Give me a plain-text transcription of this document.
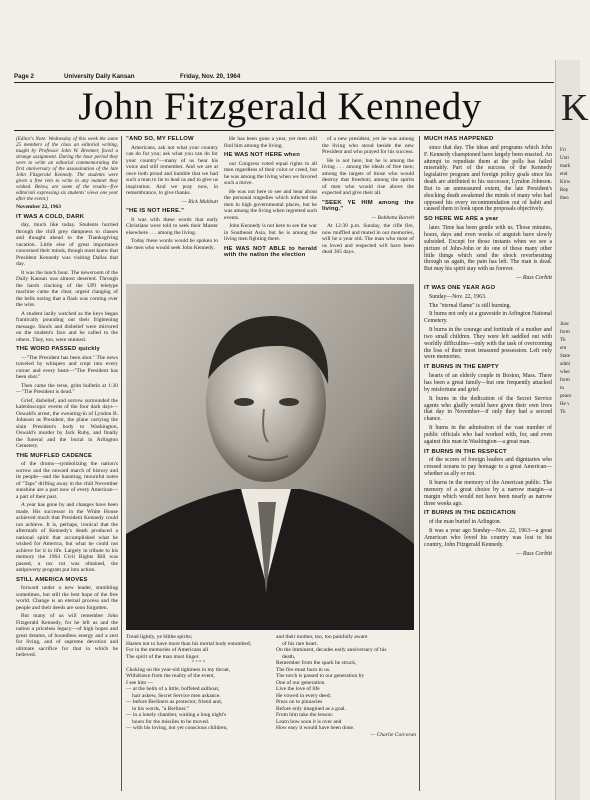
Page 2	University Daily Kansan	Friday, Nov. 20, 1964
John Fitzgerald Kennedy

(Editor's Note: Wednesday of this week the same 25 members of the class an editorial writing, taught by Professor John W. Bremner, faced a strange assignment. During the hour period they were to write an editorial commemorating the first anniversary of the assassination of the late John Fitzgerald Kennedy. The students were given a free rein to write in any manner they wished. Below, are some of the results—five editorials expressing six students' views one year after the event.)

November 22, 1963

IT WAS A COLD, DARK

day, much like today. Students hurried through the chill grey dampness to classes and thought ahead to the Thanksgiving vacation. Little else of great importance concerned their minds, though most knew that President Kennedy was visiting Dallas that day.

It was the lunch hour. The newsroom of the Daily Kansan was almost deserted. Through the harsh clacking of the UPI teletype machine came the clear, urgent clanging of the bells noting that a flash was coming over the wire.

A student lazily watched as the keys began frantically pounding out their frightening message. Shock and disbelief were mirrored on the student's face and he called to the others. They, too, were stunned.

THE WORD PASSED quickly

—"The President has been shot." The news traveled by whispers and crept into every corner and every heart—"The President has been shot."

Then came the terse, grim bulletin at 1:30—"The President is dead."

Grief, disbelief, and sorrow surrounded the kaleidoscopic events of the four dark days—Oswald's arrest, the swearing-in of Lyndon B. Johnson as President, the plane carrying the slain President's body to Washington, Oswald's murder by Jack Ruby, and finally the funeral and the burial in Arlington Cemetery.

THE MUFFLED CADENCE

of the drums—symbolizing the nation's sorrow and the onward march of history and its people—and the haunting, mournful notes of "Taps" drifting away in the chill November sunshine are a part now of every American—a part of their past.

A year has gone by and changes have been made. His successor in the White House achieved much that President Kennedy could not achieve. It is, perhaps, ironical that the aftermath of Kennedy's death produced a national spirit that accomplished what he wished for America, but what he could not achieve for it in life. Largely in tribute to his memory the 1964 Civil Rights Bill was passed, a tax cut was obtained, the antipoverty program put into action.

STILL AMERICA MOVES

forward under a new leader, stumbling sometimes, but still the best hope of the free world. Change is an eternal process and the people and their deeds are soon forgotten.

But many of us will remember John Fitzgerald Kennedy, for he left us and the nation a priceless legacy—of high hopes and great dreams, of boundless energy and a zest for living, and of supreme devotion and ultimate sacrifice for that in which he believed.

"AND SO, MY FELLOW

Americans, ask not what your country can do for you; ask what you can do for your country"—many of us hear his voice and still remember. And we are at once both proud and humble that we had such a man to lie to lead us and to give us inspiration. And we pray now, in remembrance, to give thanks.

— Rick Mabbutt

"HE IS NOT HERE."

It was with these words that early Christians were told to seek their Master elsewhere . . . among the living.

Today these words would be spoken to the men who would seek John Kennedy.

He has been gone a year, yet men still find him among the living.

HE WAS NOT HERE when

our Congress voted equal rights to all men regardless of their color or creed, but he was among the living when we favored such a move.

He was not here to see and hear about the personal tragedies which infected the men in high governmental places, but he was among the living when regretted such events.

John Kennedy is not here to see the war in Southeast Asia, but he is among the living men fighting there.

HE WAS NOT ABLE to herald with the nation the election

of a new president, yet he was among the living who stood beside the new President and who prayed for his success.

He is not here, but he is among the living . . . among the ideals of free men; among the targets of those who would destroy that freedom; among the spirits of men who would rise above the expected and give their all.

"SEEK YE HIM among the living."

— Bobbetta Bartelt

At 12:30 p.m. Sunday, the rifle fire, now muffled and muted in our memories, will be a year old. The man who most of us loved and respected will have been dead 365 days.

Tread lightly, ye blithe spirits;
Hasten not to have more than his mortal body entombed;
For in the memories of Americans all
The spirit of the man must linger.
° ° ° °
Choking on the year-old tightness in my throat,
Withdrawn from the reality of the event,
I see him —
— at the helm of a little, buffeted sailboat,
hair askew, Secret Service men askance.
— before Berliners as protector, friend and,
in his words, "a Berliner."
— in a lonely chamber, waiting a long night's
hours for the missiles to be moved.
— with his loving, not yet conscious children,
and their mother, too, too painfully aware
of his rare heart.
On the imminent, decades early anniversary of his
death,
Remember from the spark he struck,
The fire must burn in us.
The torch is passed to our generation by
One of our generation.
Live the love of life
He vowed in every deed;
Press on to pinnacles
Before only imagined as a goal.
From him take the lesson:
Learn how soon it is over and
How easy it would have been done.
— Charlie Corcoran

MUCH HAS HAPPENED

since that day. The ideas and programs which John F. Kennedy championed have largely been enacted. An attempt to repudiate them at the polls has failed miserably. Part of the success of the Kennedy legislative program and foreign policy goals since his death are attributed to his successor, Lyndon Johnson. But to an unmeasured extent, the late President's shocking death awakened the minds of many who had opposed his every recommendation out of habit and caused them to look upon the proposals objectively.

SO HERE WE ARE a year

later. Time has been gentle with us. Those minutes, hours, days and even weeks of anguish have slowly subsided. Except for those instants when we see a picture of John-John or do one of those many other little things which send the shock reverberating through us again, the pain has left. The man is dead. But may his spirit stay with us forever.

— Russ Corbitt

IT WAS ONE YEAR AGO

Sunday—Nov. 22, 1963.

The "eternal flame" is still burning.

It burns not only at a graveside in Arlington National Cemetery.

It burns in the courage and fortitude of a mother and two small children. They were left saddled out with worldly difficulties—only with the task of overcoming the loss of their most treasured possession. Left only were memories.

IT BURNS IN THE EMPTY

hearts of an elderly couple in Boston, Mass. There has been a great family—but one frequently attacked by misfortune and grief.

It burns in the dedication of the Secret Service agents who gladly would have given their own lives that day in November—if only they had a second chance.

It burns in the admiration of the vast number of public officials who had worked with, for, and even against this man in Washington—a great man.

IT BURNS IN THE RESPECT

of the scores of foreign leaders and dignitaries who crossed oceans to pay homage to a great American—whether as ally or not.

It burns in the memory of the American public. The memory of a great choice by a narrow margin—a margin which would not have been nearly as narrow three weeks ago.

IT BURNS IN THE DEDICATION

of the man buried in Arlington.

It was a year ago Sunday—Nov. 22, 1963—a great American who loved his country was lost to his country, John Fitzgerald Kennedy.

— Russ Corbitt

K
Fri
Unti
mark
end
Kirw
Rep
theo
Junc
form
Th
ent
State
admi
wher
form
tu
peace
He v
Th
